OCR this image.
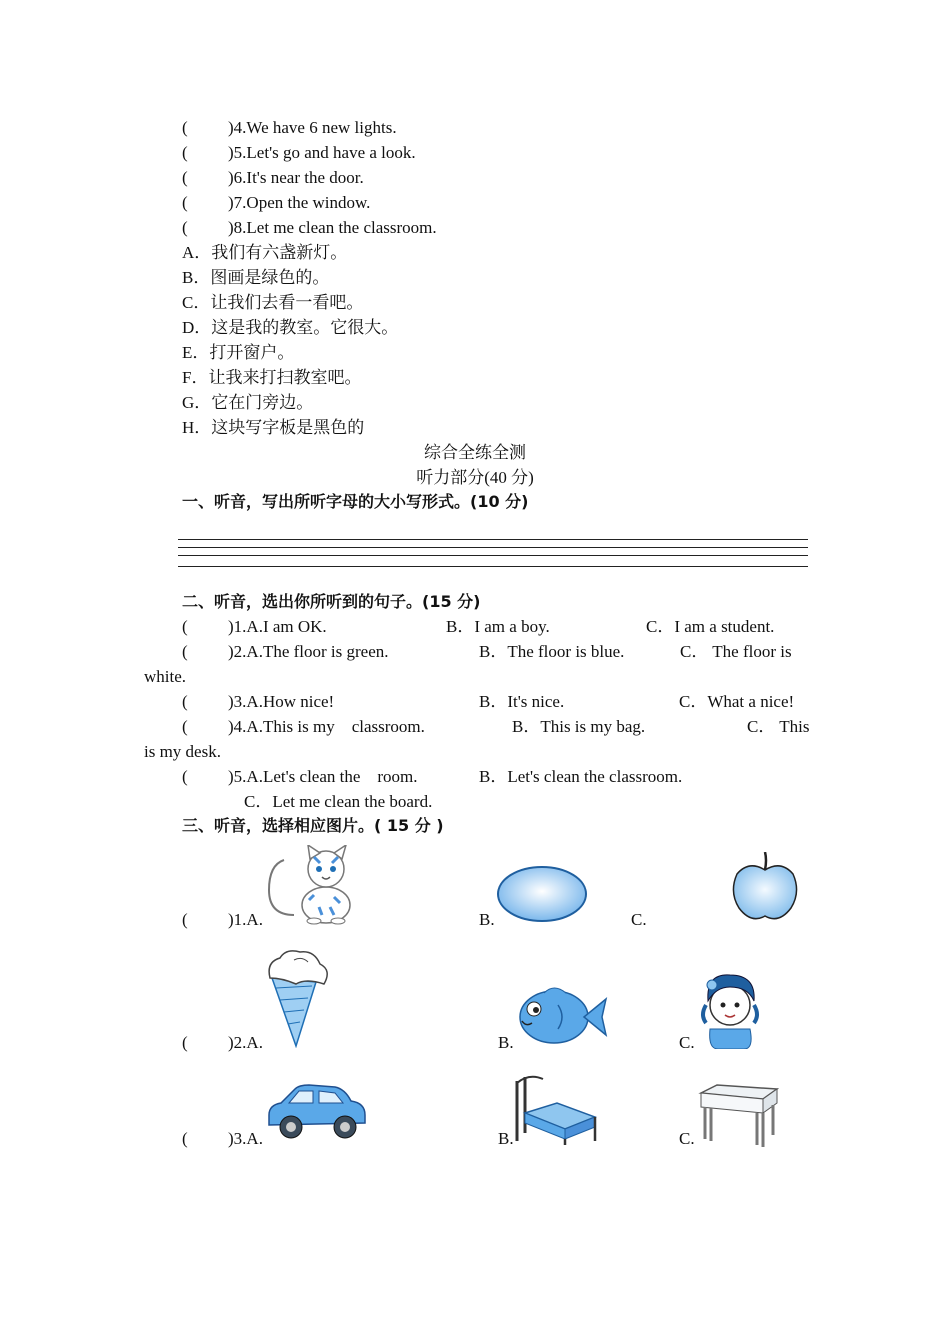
( )4.We have 6 new lights.
( )5.Let's go and have a look.
( )6.It's near the door.
( )7.Open the window.
( )8.Let me clean the classroom.
A．我们有六盏新灯。
B．图画是绿色的。
C．让我们去看一看吧。
D．这是我的教室。它很大。
E．打开窗户。
F．让我来打扫教室吧。
G．它在门旁边。
H．这块写字板是黑色的
综合全练全测
听力部分(40 分)
一、听音，写出所听字母的大小写形式。(10 分)
二、听音，选出你所听到的句子。(15 分)
( )1.A.I am OK.	B．I am a boy.	C．I am a student.
( )2.A.The floor is green.	B．The floor is blue.	C． The floor is
white.
( )3.A.How nice!	B．It's nice.	C．What a nice!
( )4.A.This is my    classroom.	B．This is my bag.	C． This
is my desk.
( )5.A.Let's clean the    room.	B．Let's clean the classroom.
C．Let me clean the board.
三、听音，选择相应图片。( 15 分 )
( )1.A.	B.	C.
( )2.A.	B.	C.
( )3.A.	B.	C.
